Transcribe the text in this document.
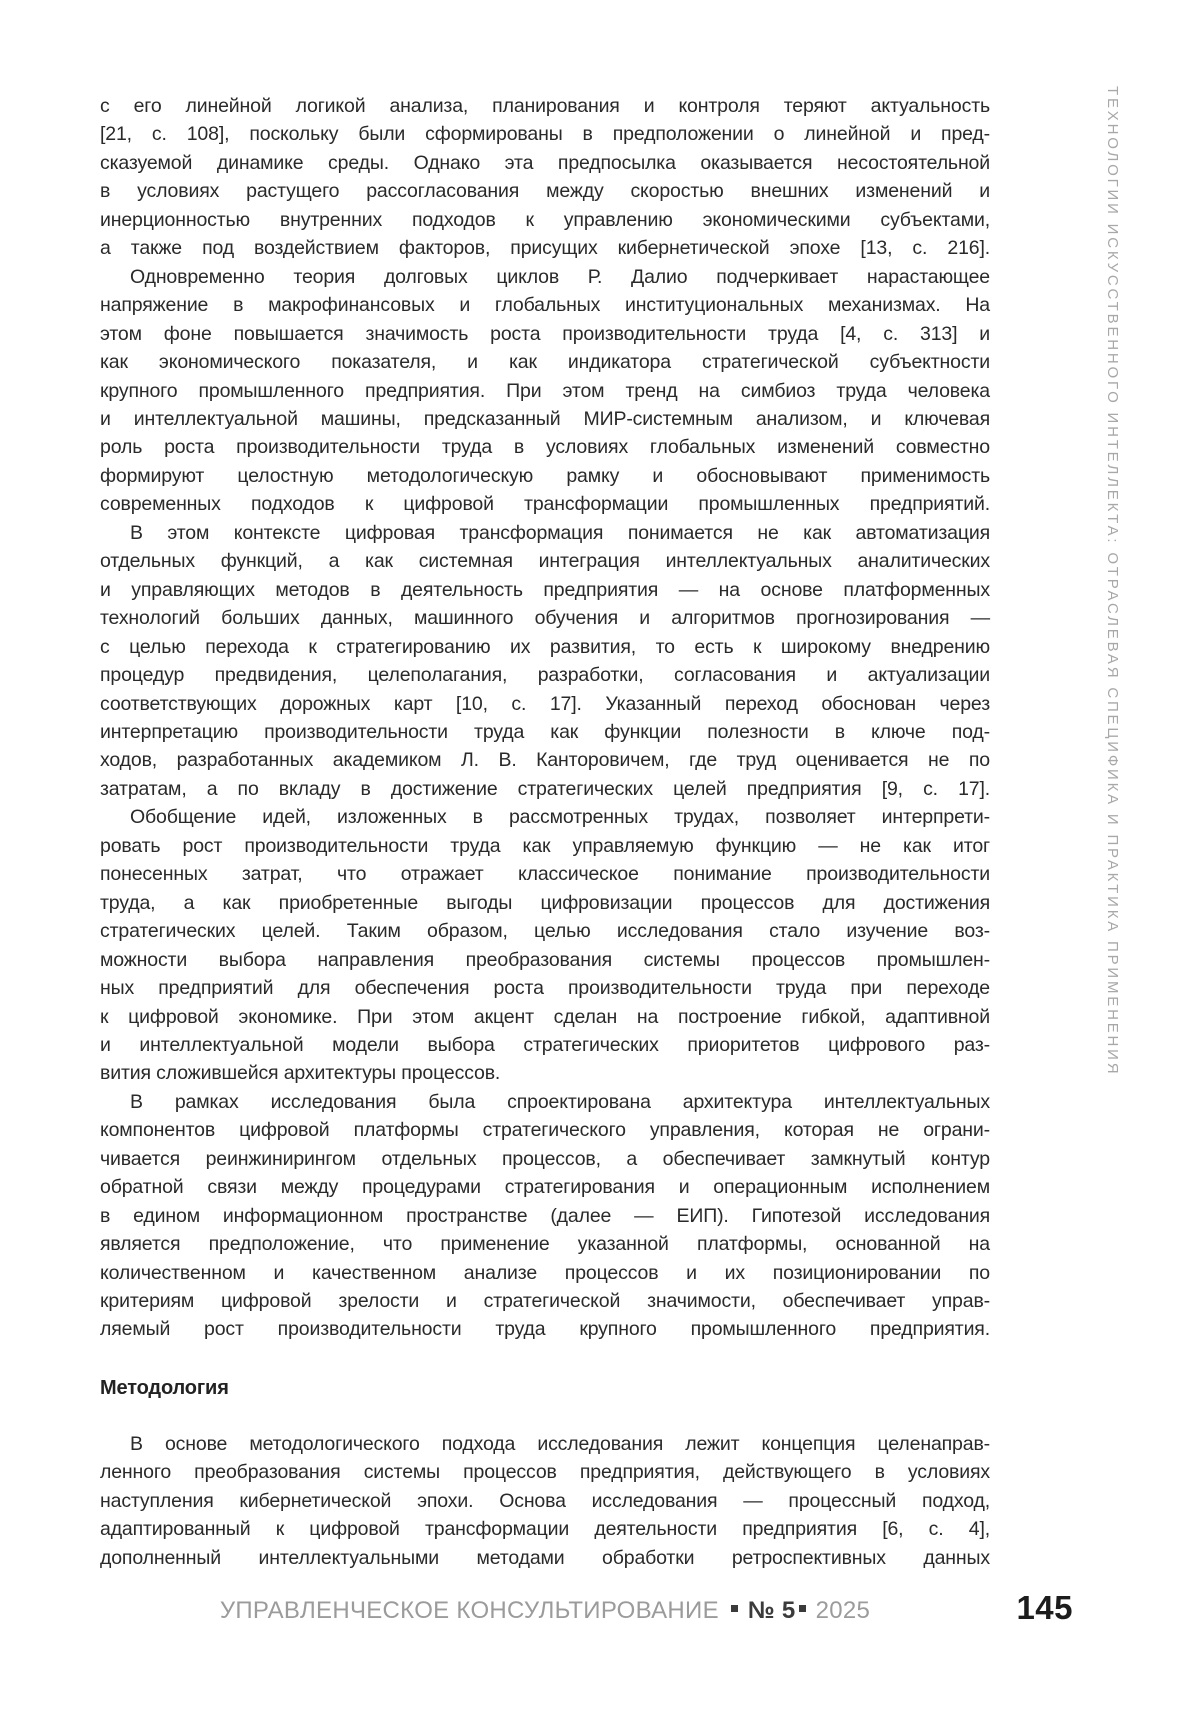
с его линейной логикой анализа, планирования и контроля теряют актуальность
[21, с. 108], поскольку были сформированы в предположении о линейной и пред-
сказуемой динамике среды. Однако эта предпосылка оказывается несостоятельной
в условиях растущего рассогласования между скоростью внешних изменений и
инерционностью внутренних подходов к управлению экономическими субъектами,
а также под воздействием факторов, присущих кибернетической эпохе [13, с. 216].
Одновременно теория долговых циклов Р. Далио подчеркивает нарастающее
напряжение в макрофинансовых и глобальных институциональных механизмах. На
этом фоне повышается значимость роста производительности труда [4, с. 313] и
как экономического показателя, и как индикатора стратегической субъектности
крупного промышленного предприятия. При этом тренд на симбиоз труда человека
и интеллектуальной машины, предсказанный МИР-системным анализом, и ключевая
роль роста производительности труда в условиях глобальных изменений совместно
формируют целостную методологическую рамку и обосновывают применимость
современных подходов к цифровой трансформации промышленных предприятий.
В этом контексте цифровая трансформация понимается не как автоматизация
отдельных функций, а как системная интеграция интеллектуальных аналитических
и управляющих методов в деятельность предприятия — на основе платформенных
технологий больших данных, машинного обучения и алгоритмов прогнозирования —
с целью перехода к стратегированию их развития, то есть к широкому внедрению
процедур предвидения, целеполагания, разработки, согласования и актуализации
соответствующих дорожных карт [10, с. 17]. Указанный переход обоснован через
интерпретацию производительности труда как функции полезности в ключе под-
ходов, разработанных академиком Л. В. Канторовичем, где труд оценивается не по
затратам, а по вкладу в достижение стратегических целей предприятия [9, с. 17].
Обобщение идей, изложенных в рассмотренных трудах, позволяет интерпрети-
ровать рост производительности труда как управляемую функцию — не как итог
понесенных затрат, что отражает классическое понимание производительности
труда, а как приобретенные выгоды цифровизации процессов для достижения
стратегических целей. Таким образом, целью исследования стало изучение воз-
можности выбора направления преобразования системы процессов промышлен-
ных предприятий для обеспечения роста производительности труда при переходе
к цифровой экономике. При этом акцент сделан на построение гибкой, адаптивной
и интеллектуальной модели выбора стратегических приоритетов цифрового раз-
вития сложившейся архитектуры процессов.
В рамках исследования была спроектирована архитектура интеллектуальных
компонентов цифровой платформы стратегического управления, которая не ограни-
чивается реинжинирингом отдельных процессов, а обеспечивает замкнутый контур
обратной связи между процедурами стратегирования и операционным исполнением
в едином информационном пространстве (далее — ЕИП). Гипотезой исследования
является предположение, что применение указанной платформы, основанной на
количественном и качественном анализе процессов и их позиционировании по
критериям цифровой зрелости и стратегической значимости, обеспечивает управ-
ляемый рост производительности труда крупного промышленного предприятия.
Методология
В основе методологического подхода исследования лежит концепция целенаправ-
ленного преобразования системы процессов предприятия, действующего в условиях
наступления кибернетической эпохи. Основа исследования — процессный подход,
адаптированный к цифровой трансформации деятельности предприятия [6, с. 4],
дополненный интеллектуальными методами обработки ретроспективных данных
ТЕХНОЛОГИИ ИСКУССТВЕННОГО ИНТЕЛЛЕКТА: ОТРАСЛЕВАЯ СПЕЦИФИКА И ПРАКТИКА ПРИМЕНЕНИЯ
УПРАВЛЕНЧЕСКОЕ КОНСУЛЬТИРОВАНИЕ № 5 2025	145
